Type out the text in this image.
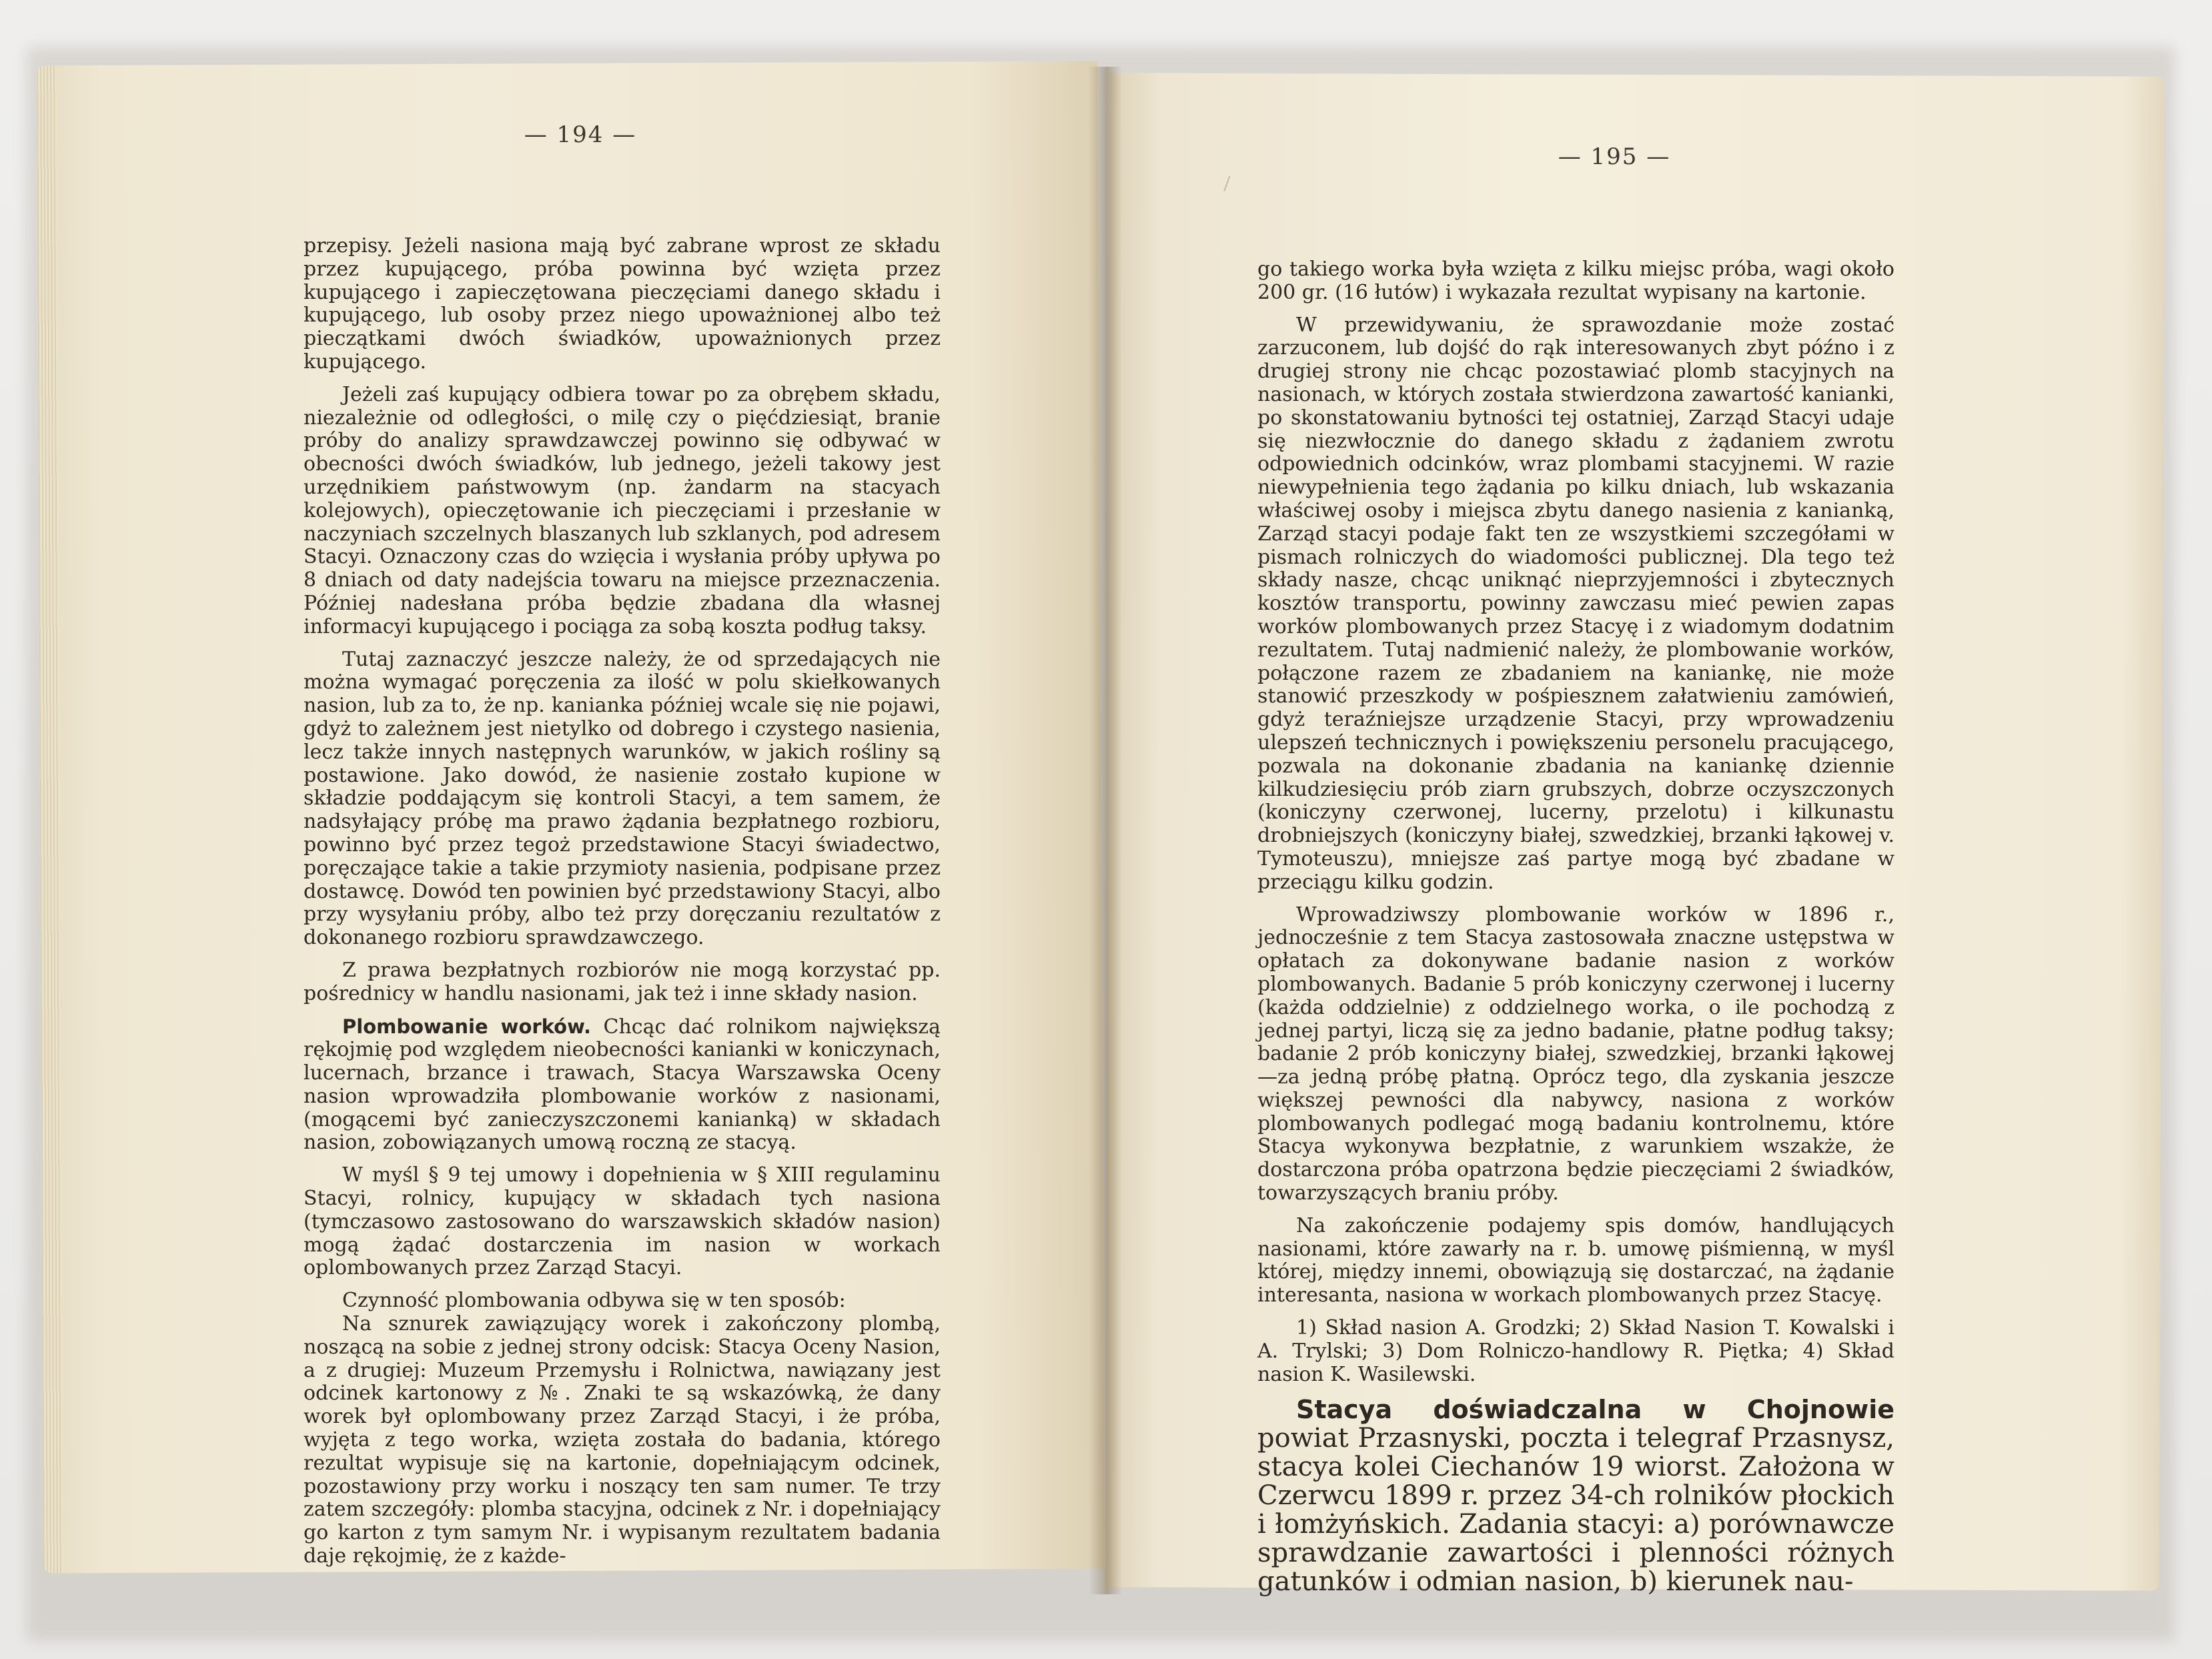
— 194 —
— 195 —

przepisy. Jeżeli nasiona mają być zabrane wprost ze składu przez kupującego, próba powinna być wzięta przez kupującego i zapieczętowana pieczęciami danego składu i kupującego, lub osoby przez niego upoważnionej albo też pieczątkami dwóch świadków, upoważnionych przez kupującego.

Jeżeli zaś kupujący odbiera towar po za obrębem składu, niezależnie od odległości, o milę czy o pięćdziesiąt, branie próby do analizy sprawdzawczej powinno się odbywać w obecności dwóch świadków, lub jednego, jeżeli takowy jest urzędnikiem państwowym (np. żandarm na stacyach kolejowych), opieczętowanie ich pieczęciami i przesłanie w naczyniach szczelnych blaszanych lub szklanych, pod adresem Stacyi. Oznaczony czas do wzięcia i wysłania próby upływa po 8 dniach od daty nadejścia towaru na miejsce przeznaczenia. Później nadesłana próba będzie zbadana dla własnej informacyi kupującego i pociąga za sobą koszta podług taksy.

Tutaj zaznaczyć jeszcze należy, że od sprzedających nie można wymagać poręczenia za ilość w polu skiełkowanych nasion, lub za to, że np. kanianka później wcale się nie pojawi, gdyż to zależnem jest nietylko od dobrego i czystego nasienia, lecz także innych następnych warunków, w jakich rośliny są postawione. Jako dowód, że nasienie zostało kupione w składzie poddającym się kontroli Stacyi, a tem samem, że nadsyłający próbę ma prawo żądania bezpłatnego rozbioru, powinno być przez tegoż przedstawione Stacyi świadectwo, poręczające takie a takie przymioty nasienia, podpisane przez dostawcę. Dowód ten powinien być przedstawiony Stacyi, albo przy wysyłaniu próby, albo też przy doręczaniu rezultatów z dokonanego rozbioru sprawdzawczego.

Z prawa bezpłatnych rozbiorów nie mogą korzystać pp. pośrednicy w handlu nasionami, jak też i inne składy nasion.

Plombowanie worków. Chcąc dać rolnikom największą rękojmię pod względem nieobecności kanianki w koniczynach, lucernach, brzance i trawach, Stacya Warszawska Oceny nasion wprowadziła plombowanie worków z nasionami, (mogącemi być zanieczyszczonemi kanianką) w składach nasion, zobowiązanych umową roczną ze stacyą.

W myśl § 9 tej umowy i dopełnienia w § XIII regulaminu Stacyi, rolnicy, kupujący w składach tych nasiona (tymczasowo zastosowano do warszawskich składów nasion) mogą żądać dostarczenia im nasion w workach oplombowanych przez Zarząd Stacyi.

Czynność plombowania odbywa się w ten sposób:

Na sznurek zawiązujący worek i zakończony plombą, noszącą na sobie z jednej strony odcisk: Stacya Oceny Nasion, a z drugiej: Muzeum Przemysłu i Rolnictwa, nawiązany jest odcinek kartonowy z №. Znaki te są wskazówką, że dany worek był oplombowany przez Zarząd Stacyi, i że próba, wyjęta z tego worka, wzięta została do badania, którego rezultat wypisuje się na kartonie, dopełniającym odcinek, pozostawiony przy worku i noszący ten sam numer. Te trzy zatem szczegóły: plomba stacyjna, odcinek z Nr. i dopełniający go karton z tym samym Nr. i wypisanym rezultatem badania daje rękojmię, że z każde-

go takiego worka była wzięta z kilku miejsc próba, wagi około 200 gr. (16 łutów) i wykazała rezultat wypisany na kartonie.

W przewidywaniu, że sprawozdanie może zostać zarzuconem, lub dojść do rąk interesowanych zbyt późno i z drugiej strony nie chcąc pozostawiać plomb stacyjnych na nasionach, w których została stwierdzona zawartość kanianki, po skonstatowaniu bytności tej ostatniej, Zarząd Stacyi udaje się niezwłocznie do danego składu z żądaniem zwrotu odpowiednich odcinków, wraz plombami stacyjnemi. W razie niewypełnienia tego żądania po kilku dniach, lub wskazania właściwej osoby i miejsca zbytu danego nasienia z kanianką, Zarząd stacyi podaje fakt ten ze wszystkiemi szczegółami w pismach rolniczych do wiadomości publicznej. Dla tego też składy nasze, chcąc uniknąć nieprzyjemności i zbytecznych kosztów transportu, powinny zawczasu mieć pewien zapas worków plombowanych przez Stacyę i z wiadomym dodatnim rezultatem. Tutaj nadmienić należy, że plombowanie worków, połączone razem ze zbadaniem na kaniankę, nie może stanowić przeszkody w pośpiesznem załatwieniu zamówień, gdyż teraźniejsze urządzenie Stacyi, przy wprowadzeniu ulepszeń technicznych i powiększeniu personelu pracującego, pozwala na dokonanie zbadania na kaniankę dziennie kilkudziesięciu prób ziarn grubszych, dobrze oczyszczonych (koniczyny czerwonej, lucerny, przelotu) i kilkunastu drobniejszych (koniczyny białej, szwedzkiej, brzanki łąkowej v. Tymoteuszu), mniejsze zaś partye mogą być zbadane w przeciągu kilku godzin.

Wprowadziwszy plombowanie worków w 1896 r., jednocześnie z tem Stacya zastosowała znaczne ustępstwa w opłatach za dokonywane badanie nasion z worków plombowanych. Badanie 5 prób koniczyny czerwonej i lucerny (każda oddzielnie) z oddzielnego worka, o ile pochodzą z jednej partyi, liczą się za jedno badanie, płatne podług taksy; badanie 2 prób koniczyny białej, szwedzkiej, brzanki łąkowej—za jedną próbę płatną. Oprócz tego, dla zyskania jeszcze większej pewności dla nabywcy, nasiona z worków plombowanych podlegać mogą badaniu kontrolnemu, które Stacya wykonywa bezpłatnie, z warunkiem wszakże, że dostarczona próba opatrzona będzie pieczęciami 2 świadków, towarzyszących braniu próby.

Na zakończenie podajemy spis domów, handlujących nasionami, które zawarły na r. b. umowę piśmienną, w myśl której, między innemi, obowiązują się dostarczać, na żądanie interesanta, nasiona w workach plombowanych przez Stacyę.

1) Skład nasion A. Grodzki; 2) Skład Nasion T. Kowalski i A. Trylski; 3) Dom Rolniczo-handlowy R. Piętka; 4) Skład nasion K. Wasilewski.

Stacya doświadczalna w Chojnowie powiat Przasnyski, poczta i telegraf Przasnysz, stacya kolei Ciechanów 19 wiorst. Założona w Czerwcu 1899 r. przez 34-ch rolników płockich i łomżyńskich. Zadania stacyi: a) porównawcze sprawdzanie zawartości i plenności różnych gatunków i odmian nasion, b) kierunek nau-
